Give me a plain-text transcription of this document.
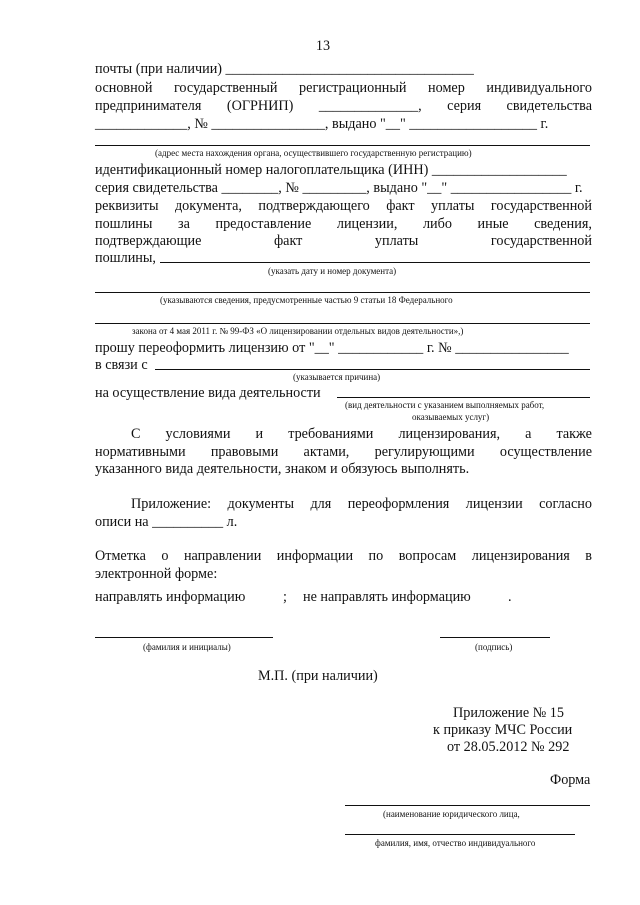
13
почты (при наличии) ___________________________________
основной государственный регистрационный номер индивидуального
предпринимателя (ОГРНИП) ______________, серия свидетельства
_____________, № ________________, выдано "__" __________________ г.
(адрес места нахождения органа, осуществившего государственную регистрацию)
идентификационный номер налогоплательщика (ИНН) ___________________
серия свидетельства ________, № _________, выдано "__" _________________ г.
реквизиты документа, подтверждающего факт уплаты государственной
пошлины за предоставление лицензии, либо иные сведения,
подтверждающие	факт	уплаты	государственной
пошлины,
(указать дату и номер документа)
(указываются сведения, предусмотренные частью 9 статьи 18 Федерального
закона от 4 мая 2011 г. № 99-ФЗ «О лицензировании отдельных видов деятельности»,)
прошу переоформить лицензию от "__" ____________ г. № ________________
в связи с
(указывается причина)
на осуществление вида деятельности
(вид деятельности с указанием выполняемых работ,
оказываемых услуг)
С условиями и требованиями лицензирования, а также
нормативными правовыми актами, регулирующими осуществление
указанного вида деятельности, знаком и обязуюсь выполнять.
Приложение: документы для переоформления лицензии согласно
описи на __________ л.
Отметка о направлении информации по вопросам лицензирования в
электронной форме:
направлять информацию	; не направлять информацию	.
(фамилия и инициалы)	(подпись)
М.П. (при наличии)
Приложение № 15
к приказу МЧС России
от 28.05.2012 № 292
Форма
(наименование юридического лица,
фамилия, имя, отчество индивидуального
